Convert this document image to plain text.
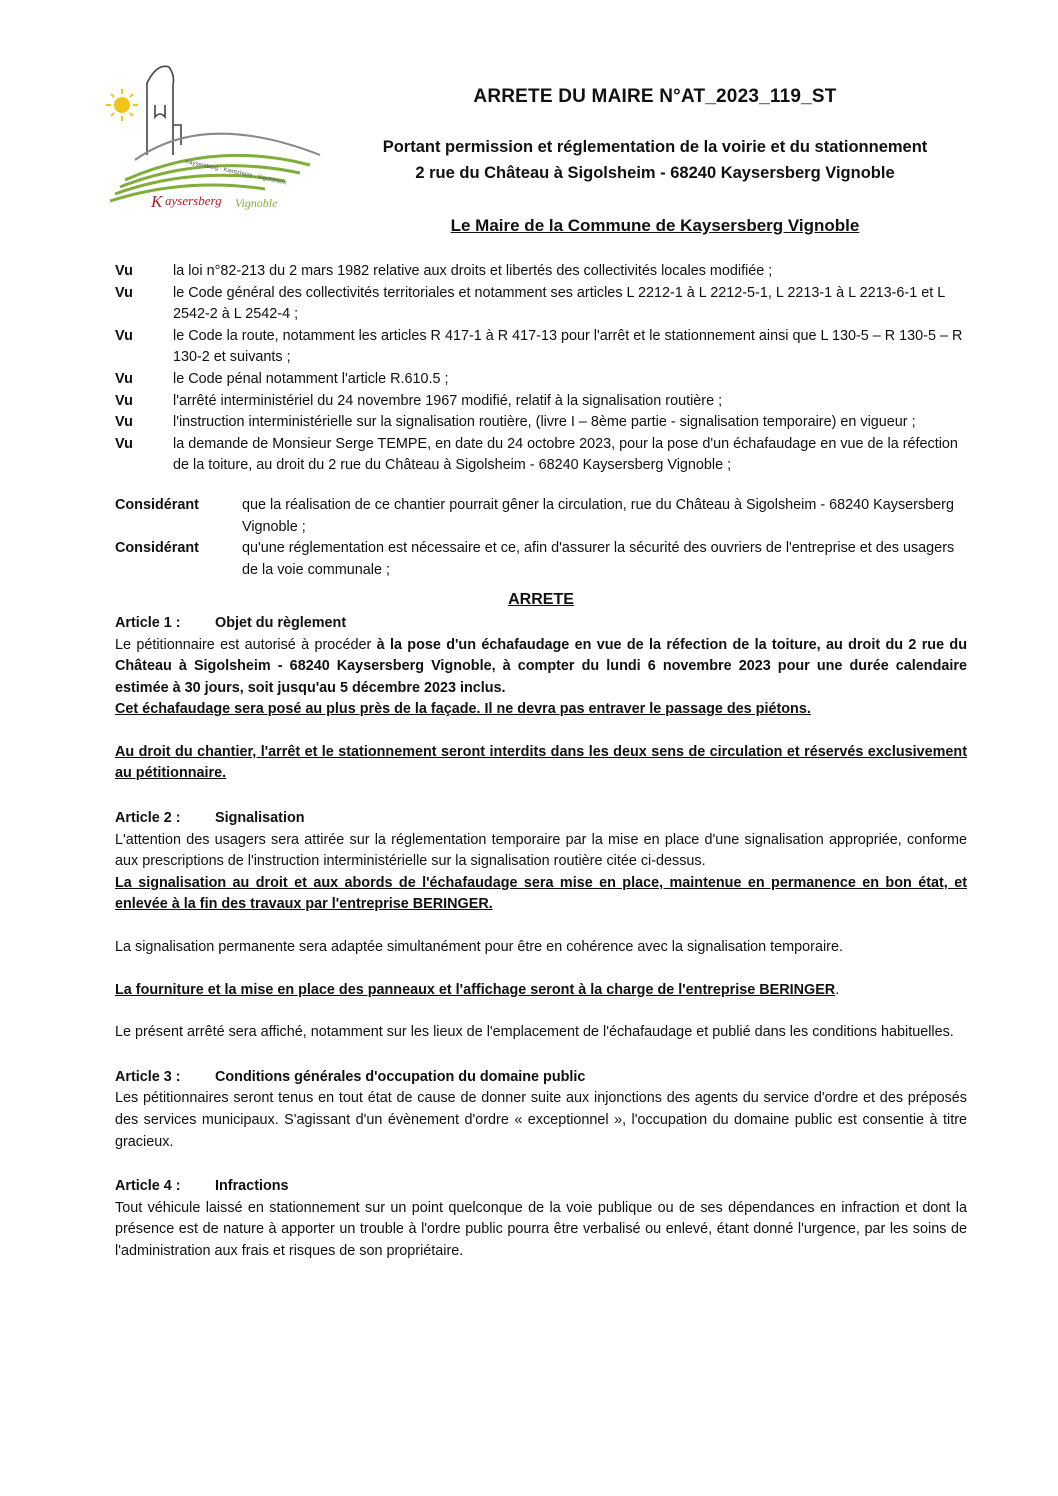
Kaysersberg - Kientzheim - Sigolsheim
K aysersberg Vignoble
ARRETE DU MAIRE N°AT_2023_119_ST
Portant permission et réglementation de la voirie et du stationnement
2 rue du Château à Sigolsheim - 68240 Kaysersberg Vignoble
Le Maire de la Commune de Kaysersberg Vignoble
Vu	la loi n°82-213 du 2 mars 1982 relative aux droits et libertés des collectivités locales modifiée ;
Vu	le Code général des collectivités territoriales et notamment ses articles L 2212-1 à L 2212-5-1, L 2213-1 à L 2213-6-1 et L 2542-2 à L 2542-4 ;
Vu	le Code la route, notamment les articles R 417-1 à R 417-13 pour l'arrêt et le stationnement ainsi que L 130-5 – R 130-5 – R 130-2 et suivants ;
Vu	le Code pénal notamment l'article R.610.5 ;
Vu	l'arrêté interministériel du 24 novembre 1967 modifié, relatif à la signalisation routière ;
Vu	l'instruction interministérielle sur la signalisation routière, (livre I – 8ème partie - signalisation temporaire) en vigueur ;
Vu	la demande de Monsieur Serge TEMPE, en date du 24 octobre 2023, pour la pose d'un échafaudage en vue de la réfection de la toiture, au droit du 2 rue du Château à Sigolsheim - 68240 Kaysersberg Vignoble ;
Considérant	que la réalisation de ce chantier pourrait gêner la circulation, rue du Château à Sigolsheim - 68240 Kaysersberg Vignoble ;
Considérant	qu'une réglementation est nécessaire et ce, afin d'assurer la sécurité des ouvriers de l'entreprise et des usagers de la voie communale ;
ARRETE
Article 1 :	Objet du règlement

Le pétitionnaire est autorisé à procéder à la pose d'un échafaudage en vue de la réfection de la toiture, au droit du 2 rue du Château à Sigolsheim - 68240 Kaysersberg Vignoble, à compter du lundi 6 novembre 2023 pour une durée calendaire estimée à 30 jours, soit jusqu'au 5 décembre 2023 inclus.

Cet échafaudage sera posé au plus près de la façade. Il ne devra pas entraver le passage des piétons.

Au droit du chantier, l'arrêt et le stationnement seront interdits dans les deux sens de circulation et réservés exclusivement au pétitionnaire.

Article 2 :	Signalisation

L'attention des usagers sera attirée sur la réglementation temporaire par la mise en place d'une signalisation appropriée, conforme aux prescriptions de l'instruction interministérielle sur la signalisation routière citée ci-dessus.

La signalisation au droit et aux abords de l'échafaudage sera mise en place, maintenue en permanence en bon état, et enlevée à la fin des travaux par l'entreprise BERINGER.

La signalisation permanente sera adaptée simultanément pour être en cohérence avec la signalisation temporaire.

La fourniture et la mise en place des panneaux et l'affichage seront à la charge de l'entreprise BERINGER.

Le présent arrêté sera affiché, notamment sur les lieux de l'emplacement de l'échafaudage et publié dans les conditions habituelles.

Article 3 :	Conditions générales d'occupation du domaine public

Les pétitionnaires seront tenus en tout état de cause de donner suite aux injonctions des agents du service d'ordre et des préposés des services municipaux. S'agissant d'un évènement d'ordre « exceptionnel », l'occupation du domaine public est consentie à titre gracieux.

Article 4 :	Infractions

Tout véhicule laissé en stationnement sur un point quelconque de la voie publique ou de ses dépendances en infraction et dont la présence est de nature à apporter un trouble à l'ordre public pourra être verbalisé ou enlevé, étant donné l'urgence, par les soins de l'administration aux frais et risques de son propriétaire.
